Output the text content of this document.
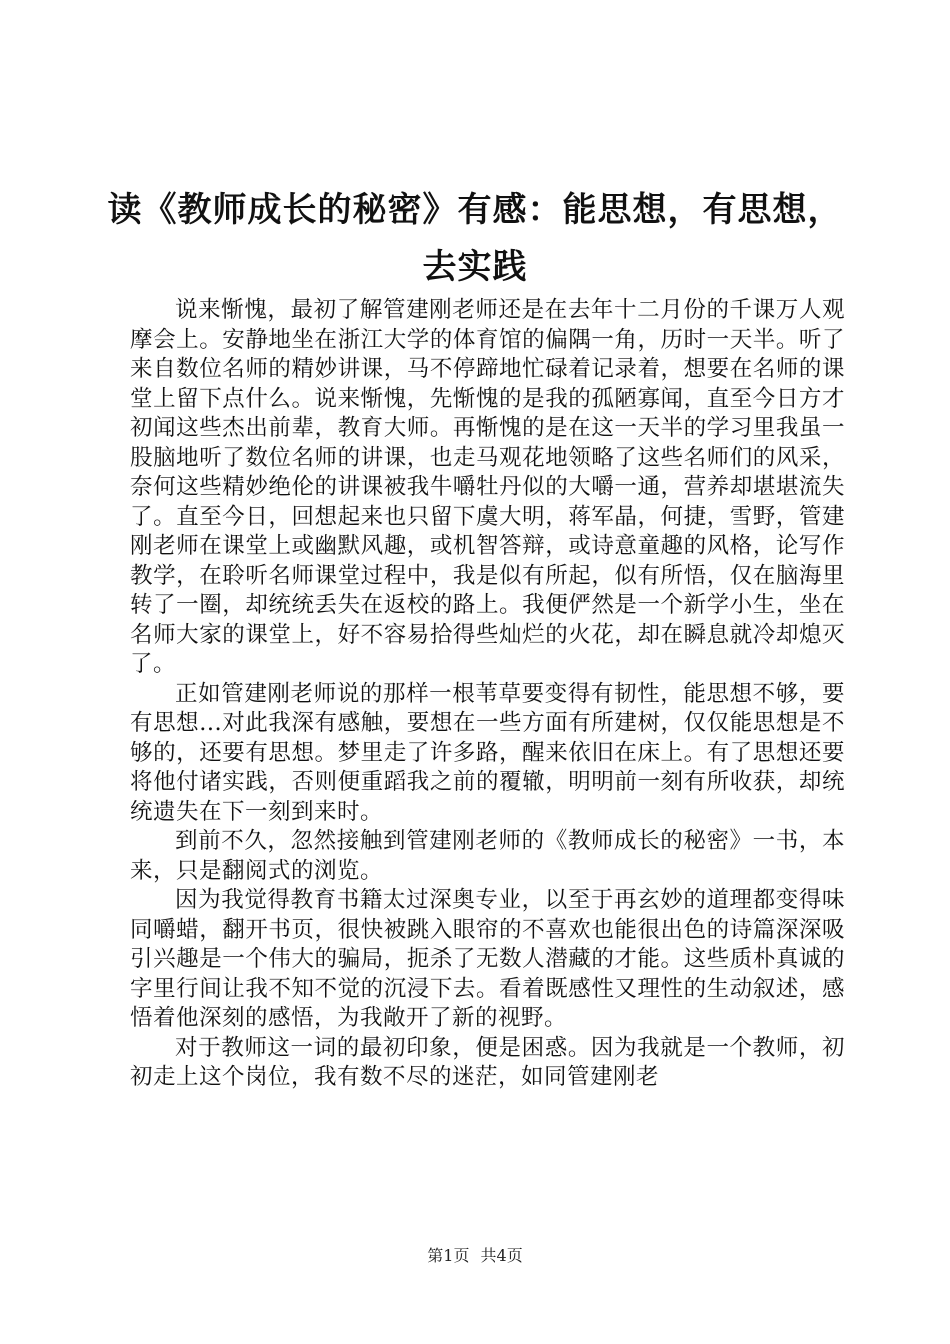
读《教师成长的秘密》有感：能思想，有思想，
去实践

说来惭愧，最初了解管建刚老师还是在去年十二月份的千课万人观摩会上。安静地坐在浙江大学的体育馆的偏隅一角，历时一天半。听了来自数位名师的精妙讲课，马不停蹄地忙碌着记录着，想要在名师的课堂上留下点什么。说来惭愧，先惭愧的是我的孤陋寡闻，直至今日方才初闻这些杰出前辈，教育大师。再惭愧的是在这一天半的学习里我虽一股脑地听了数位名师的讲课，也走马观花地领略了这些名师们的风采，奈何这些精妙绝伦的讲课被我牛嚼牡丹似的大嚼一通，营养却堪堪流失了。直至今日，回想起来也只留下虞大明，蒋军晶，何捷，雪野，管建刚老师在课堂上或幽默风趣，或机智答辩，或诗意童趣的风格，论写作教学，在聆听名师课堂过程中，我是似有所起，似有所悟，仅在脑海里转了一圈，却统统丢失在返校的路上。我便俨然是一个新学小生，坐在名师大家的课堂上，好不容易拾得些灿烂的火花，却在瞬息就冷却熄灭了。

正如管建刚老师说的那样一根苇草要变得有韧性，能思想不够，要有思想...对此我深有感触，要想在一些方面有所建树，仅仅能思想是不够的，还要有思想。梦里走了许多路，醒来依旧在床上。有了思想还要将他付诸实践，否则便重蹈我之前的覆辙，明明前一刻有所收获，却统统遗失在下一刻到来时。

到前不久，忽然接触到管建刚老师的《教师成长的秘密》一书，本来，只是翻阅式的浏览。

因为我觉得教育书籍太过深奥专业，以至于再玄妙的道理都变得味同嚼蜡，翻开书页，很快被跳入眼帘的不喜欢也能很出色的诗篇深深吸引兴趣是一个伟大的骗局，扼杀了无数人潜藏的才能。这些质朴真诚的字里行间让我不知不觉的沉浸下去。看着既感性又理性的生动叙述，感悟着他深刻的感悟，为我敞开了新的视野。

对于教师这一词的最初印象，便是困惑。因为我就是一个教师，初初走上这个岗位，我有数不尽的迷茫，如同管建刚老

第1页 共4页
